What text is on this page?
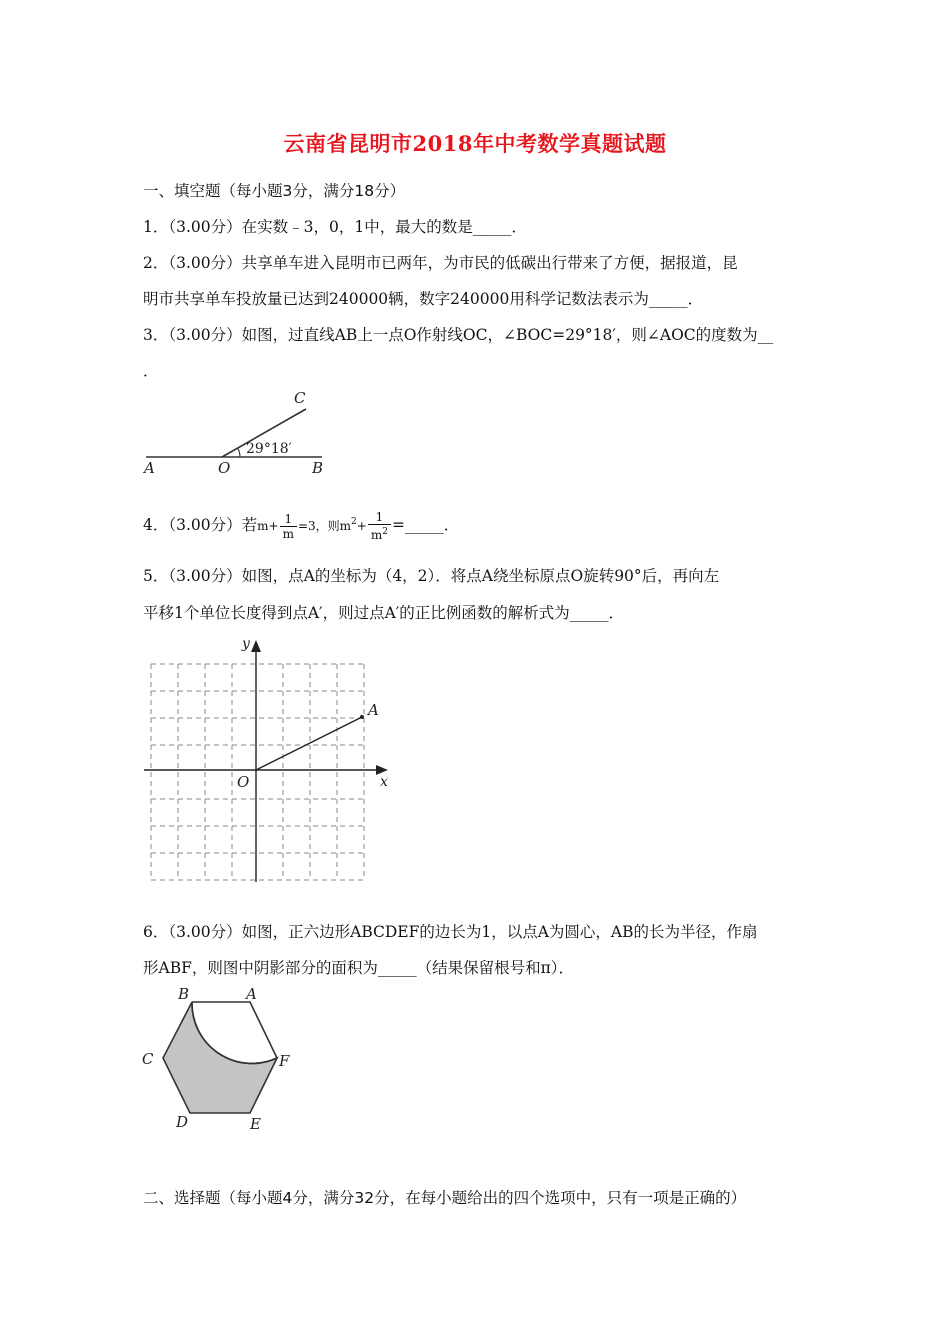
云南省昆明市2018年中考数学真题试题
一、填空题（每小题3分，满分18分）
1．（3.00分）在实数﹣3，0，1中，最大的数是_____．
2．（3.00分）共享单车进入昆明市已两年，为市民的低碳出行带来了方便，据报道，昆
明市共享单车投放量已达到240000辆，数字240000用科学记数法表示为_____．
3．（3.00分）如图，过直线AB上一点O作射线OC，∠BOC=29°18′，则∠AOC的度数为__
．
A	O	B
C
29°18′
4．（3.00分）若$m+ \frac{1}{m} =3$，则$m^2+ \frac{1}{m^2}$ =_____．
5．（3.00分）如图，点A的坐标为（4，2）．将点A绕坐标原点O旋转90°后，再向左
平移1个单位长度得到点A′，则过点A′的正比例函数的解析式为_____．
x
y
O
A
6．（3.00分）如图，正六边形ABCDEF的边长为1，以点A为圆心，AB的长为半径，作扇
形ABF，则图中阴影部分的面积为_____（结果保留根号和π）．
B	A
C	F
D	E
二、选择题（每小题4分，满分32分，在每小题给出的四个选项中，只有一项是正确的）
